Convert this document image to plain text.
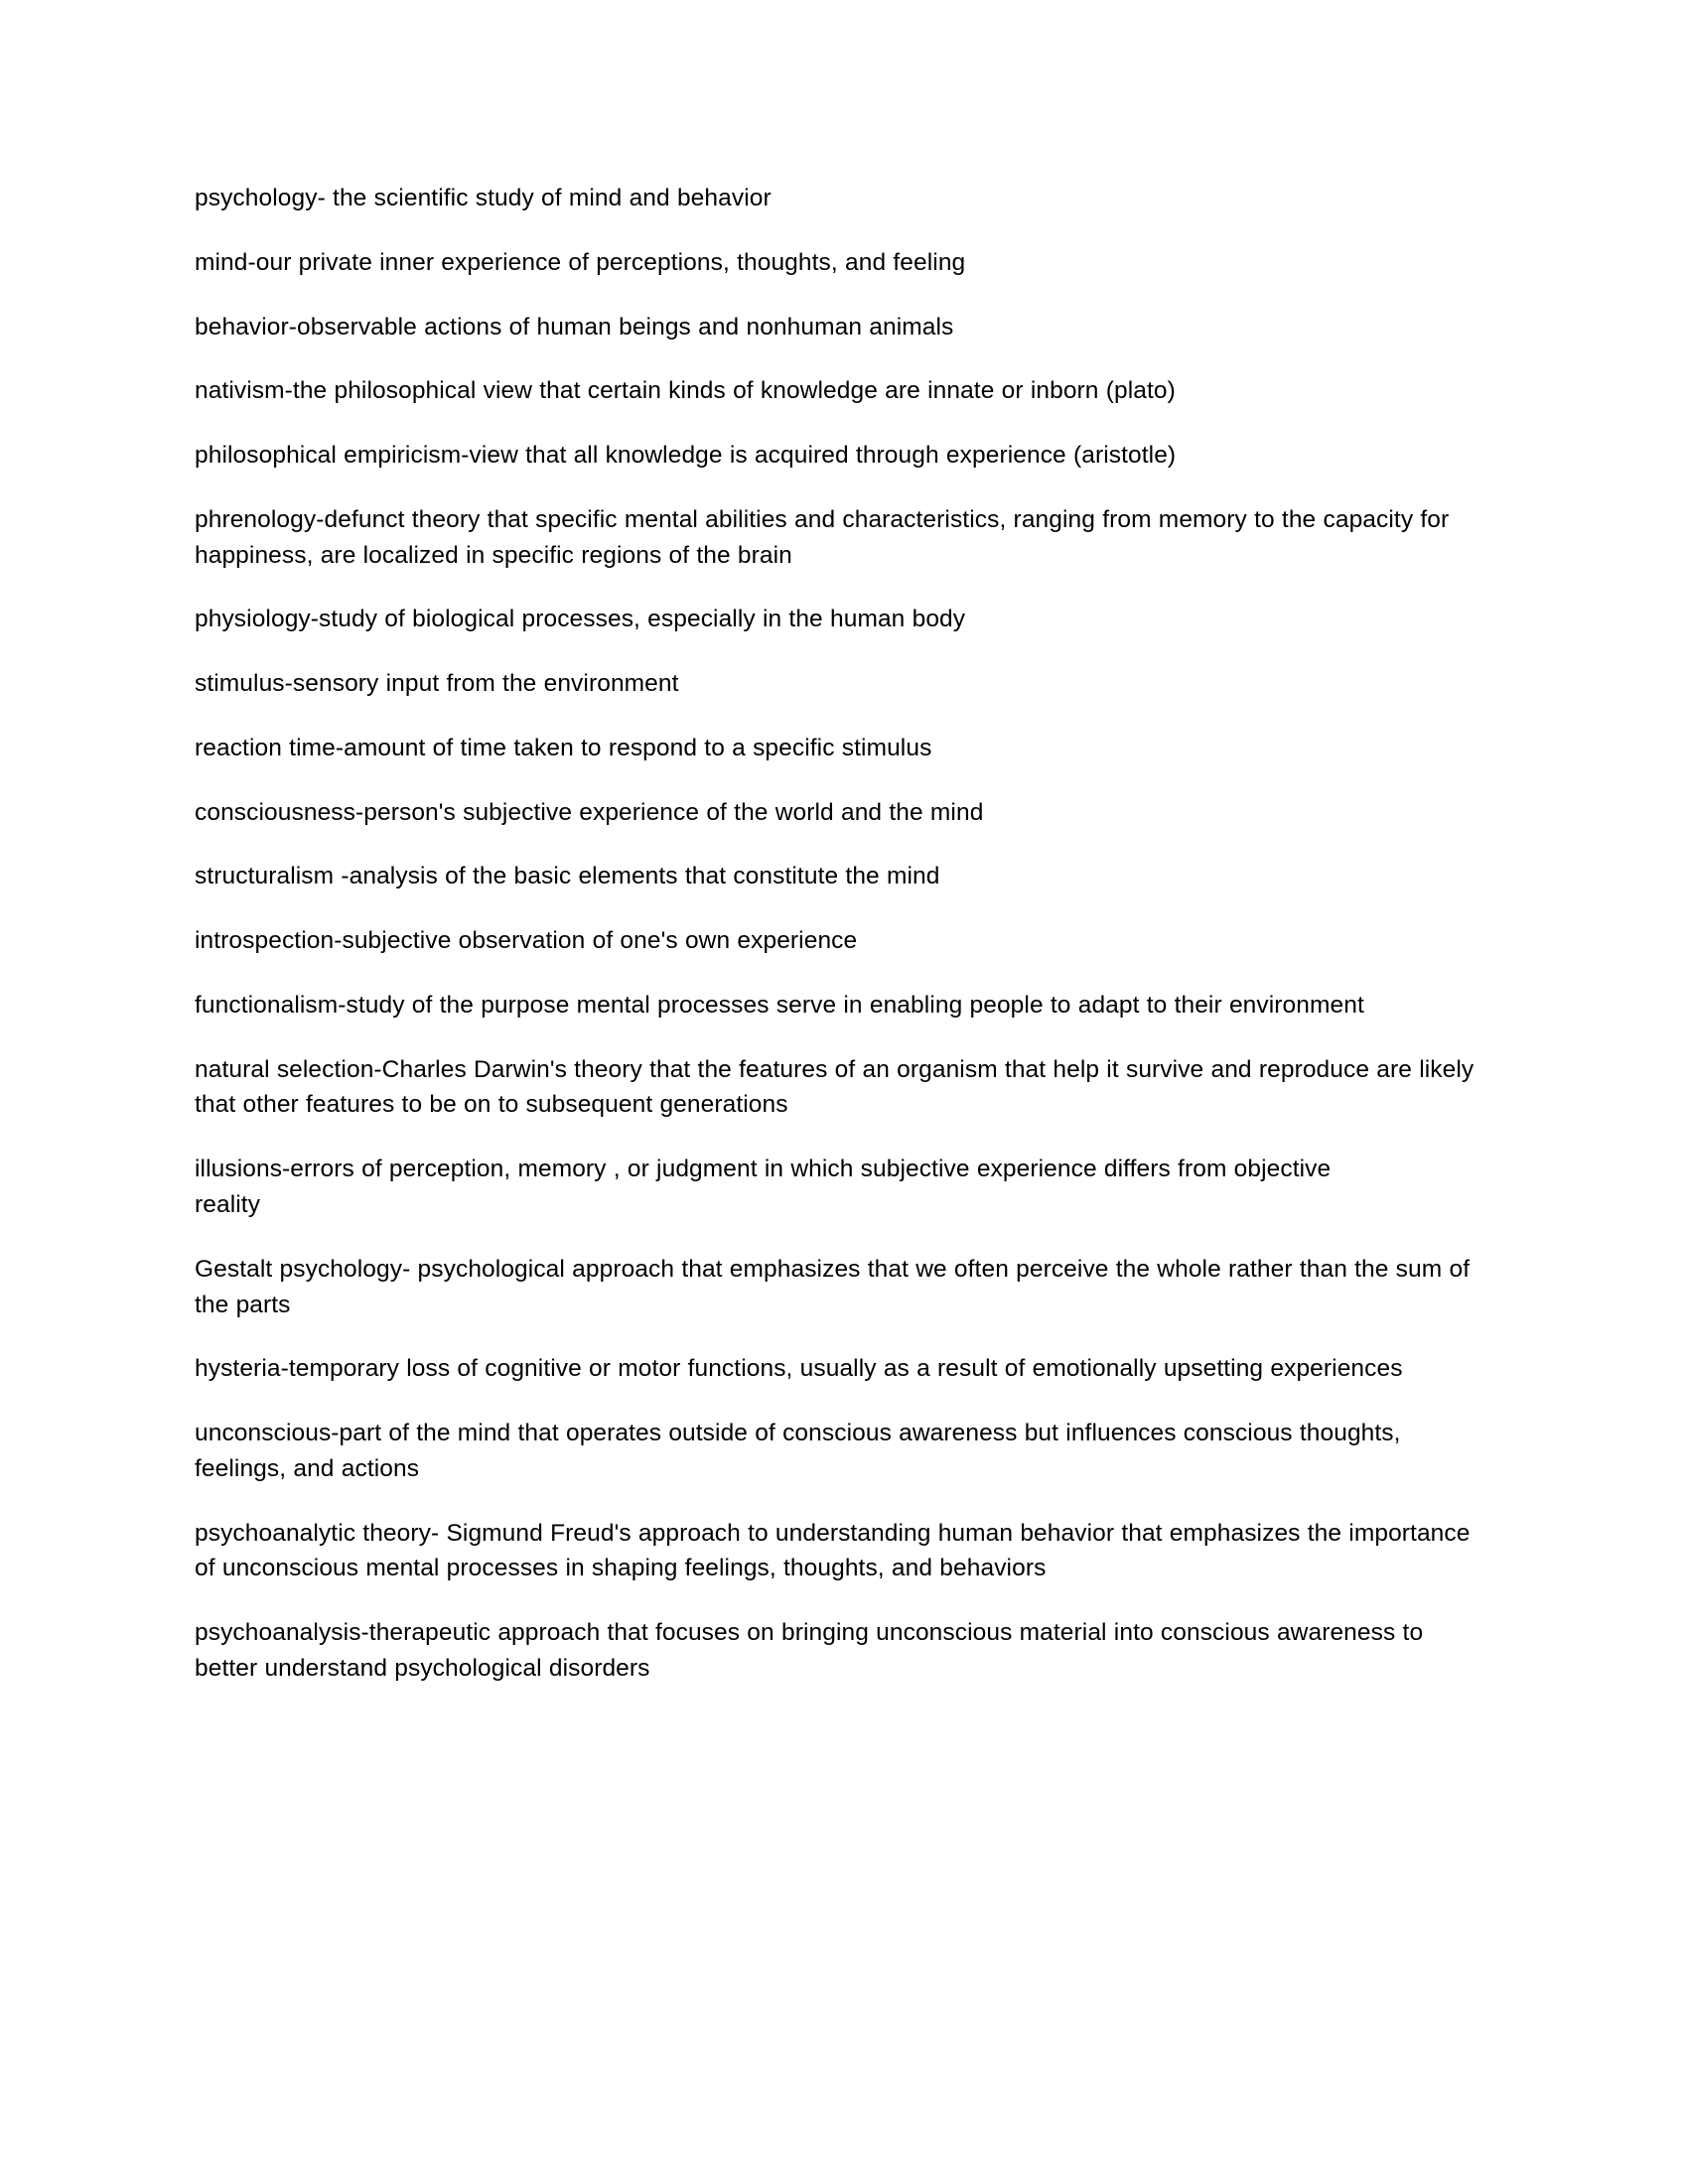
psychology- the scientific study of mind and behavior

mind-our private inner experience of perceptions, thoughts, and feeling

behavior-observable actions of human beings and nonhuman animals

nativism-the philosophical view that certain kinds of knowledge are innate or inborn (plato)

philosophical empiricism-view that all knowledge is acquired through experience (aristotle)

phrenology-defunct theory that specific mental abilities and characteristics, ranging from memory to the capacity for happiness, are localized in specific regions of the brain

physiology-study of biological processes, especially in the human body

stimulus-sensory input from the environment

reaction time-amount of time taken to respond to a specific stimulus

consciousness-person's subjective experience of the world and the mind

structuralism -analysis of the basic elements that constitute the mind

introspection-subjective observation of one's own experience

functionalism-study of the purpose mental processes serve in enabling people to adapt to their environment

natural selection-Charles Darwin's theory that the features of an organism that help it survive and reproduce are likely that other features to be on to subsequent generations

illusions-errors of perception, memory , or judgment in which subjective experience differs from objective reality

Gestalt psychology- psychological approach that emphasizes that we often perceive the whole rather than the sum of the parts

hysteria-temporary loss of cognitive or motor functions, usually as a result of emotionally upsetting experiences

unconscious-part of the mind that operates outside of conscious awareness but influences conscious thoughts, feelings, and actions

psychoanalytic theory- Sigmund Freud's approach to understanding human behavior that emphasizes the importance of unconscious mental processes in shaping feelings, thoughts, and behaviors

psychoanalysis-therapeutic approach that focuses on bringing unconscious material into conscious awareness to better understand psychological disorders
